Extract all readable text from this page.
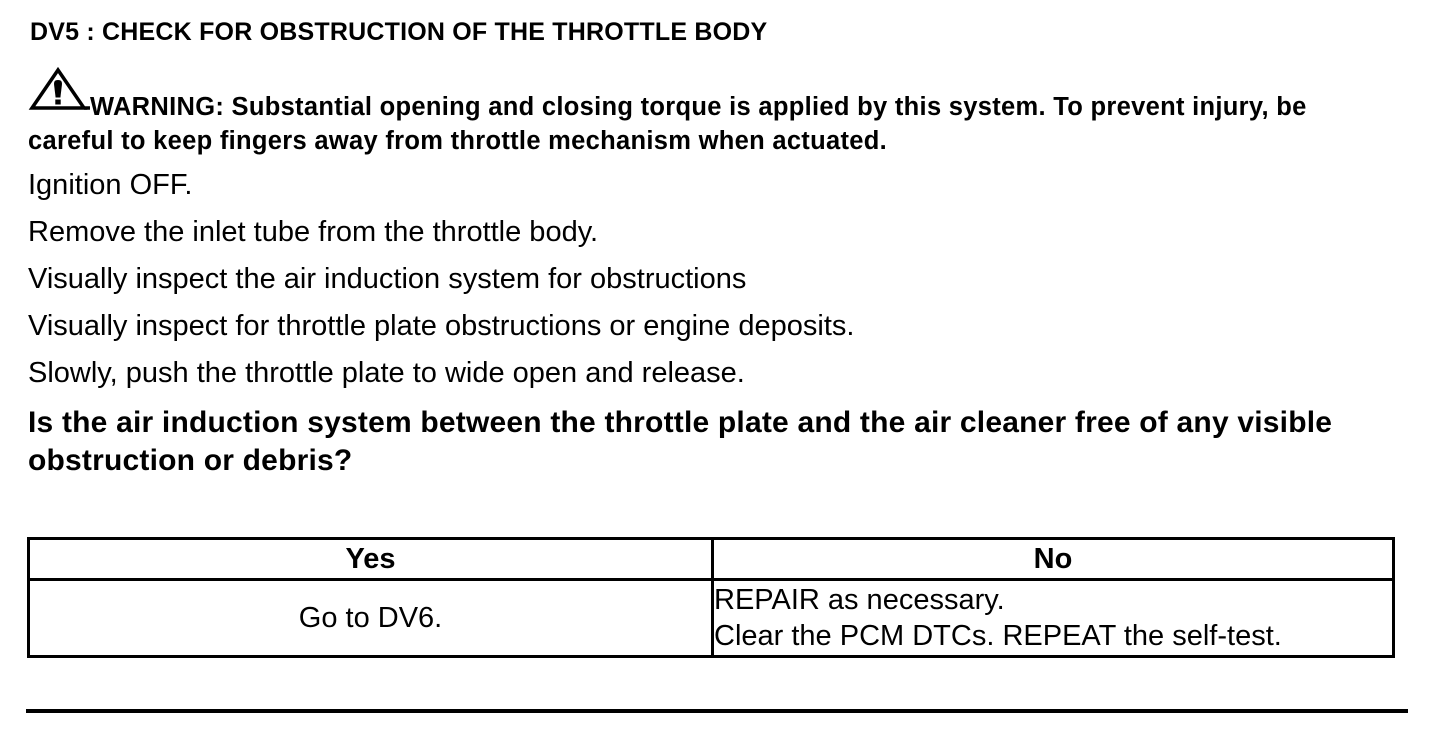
DV5 : CHECK FOR OBSTRUCTION OF THE THROTTLE BODY
WARNING: Substantial opening and closing torque is applied by this system. To prevent injury, be careful to keep fingers away from throttle mechanism when actuated.
Ignition OFF.
Remove the inlet tube from the throttle body.
Visually inspect the air induction system for obstructions
Visually inspect for throttle plate obstructions or engine deposits.
Slowly, push the throttle plate to wide open and release.
Is the air induction system between the throttle plate and the air cleaner free of any visible obstruction or debris?
Yes	No
Go to DV6.	REPAIR as necessary.
Clear the PCM DTCs. REPEAT the self-test.
